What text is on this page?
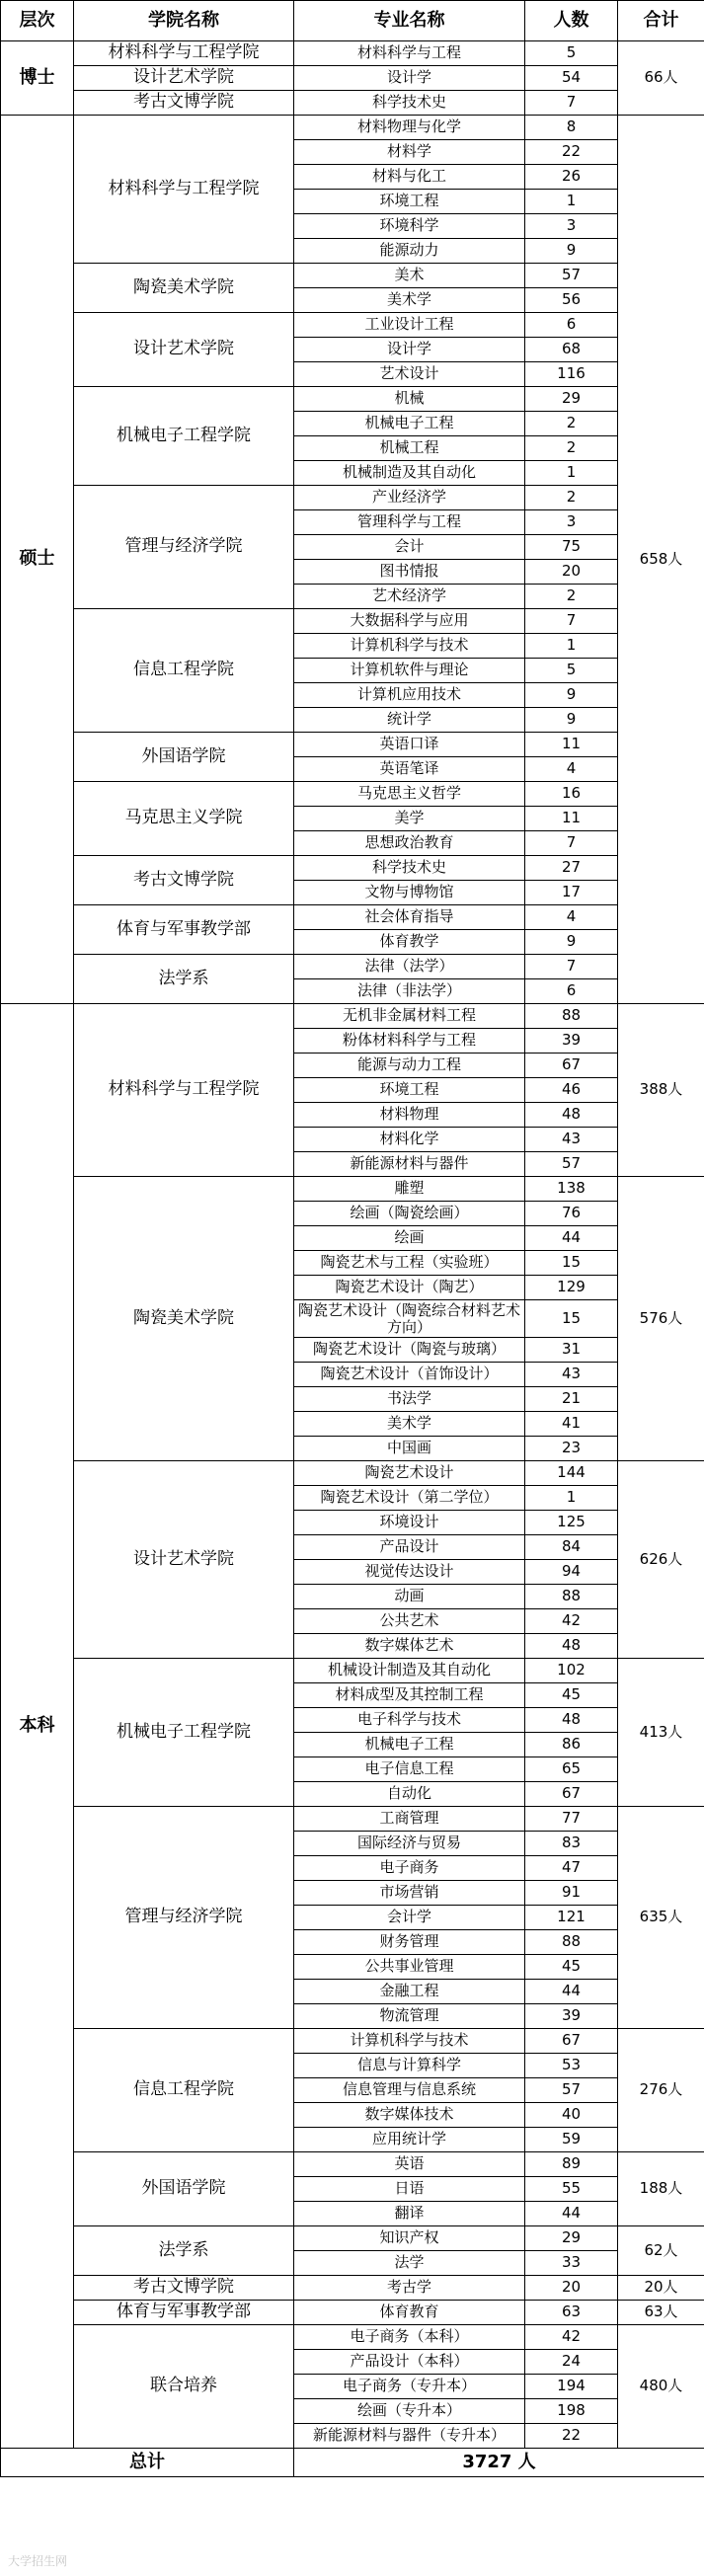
层次	学院名称	专业名称	人数	合计
博士	材料科学与工程学院	材料科学与工程	5	66人
	设计艺术学院	设计学	54	
	考古文博学院	科学技术史	7	
硕士	材料科学与工程学院	材料物理与化学	8	658人
		材料学	22	
		材料与化工	26	
		环境工程	1	
		环境科学	3	
		能源动力	9	
	陶瓷美术学院	美术	57	
		美术学	56	
	设计艺术学院	工业设计工程	6	
		设计学	68	
		艺术设计	116	
	机械电子工程学院	机械	29	
		机械电子工程	2	
		机械工程	2	
		机械制造及其自动化	1	
	管理与经济学院	产业经济学	2	
		管理科学与工程	3	
		会计	75	
		图书情报	20	
		艺术经济学	2	
	信息工程学院	大数据科学与应用	7	
		计算机科学与技术	1	
		计算机软件与理论	5	
		计算机应用技术	9	
		统计学	9	
	外国语学院	英语口译	11	
		英语笔译	4	
	马克思主义学院	马克思主义哲学	16	
		美学	11	
		思想政治教育	7	
	考古文博学院	科学技术史	27	
		文物与博物馆	17	
	体育与军事教学部	社会体育指导	4	
		体育教学	9	
	法学系	法律（法学）	7	
		法律（非法学）	6	
本科	材料科学与工程学院	无机非金属材料工程	88	388人
		粉体材料科学与工程	39	
		能源与动力工程	67	
		环境工程	46	
		材料物理	48	
		材料化学	43	
		新能源材料与器件	57	
	陶瓷美术学院	雕塑	138	576人
		绘画（陶瓷绘画）	76	
		绘画	44	
		陶瓷艺术与工程（实验班）	15	
		陶瓷艺术设计（陶艺）	129	
		陶瓷艺术设计（陶瓷综合材料艺术方向）	15	
		陶瓷艺术设计（陶瓷与玻璃）	31	
		陶瓷艺术设计（首饰设计）	43	
		书法学	21	
		美术学	41	
		中国画	23	
	设计艺术学院	陶瓷艺术设计	144	626人
		陶瓷艺术设计（第二学位）	1	
		环境设计	125	
		产品设计	84	
		视觉传达设计	94	
		动画	88	
		公共艺术	42	
		数字媒体艺术	48	
	机械电子工程学院	机械设计制造及其自动化	102	413人
		材料成型及其控制工程	45	
		电子科学与技术	48	
		机械电子工程	86	
		电子信息工程	65	
		自动化	67	
	管理与经济学院	工商管理	77	635人
		国际经济与贸易	83	
		电子商务	47	
		市场营销	91	
		会计学	121	
		财务管理	88	
		公共事业管理	45	
		金融工程	44	
		物流管理	39	
	信息工程学院	计算机科学与技术	67	276人
		信息与计算科学	53	
		信息管理与信息系统	57	
		数字媒体技术	40	
		应用统计学	59	
	外国语学院	英语	89	188人
		日语	55	
		翻译	44	
	法学系	知识产权	29	62人
		法学	33	
	考古文博学院	考古学	20	20人
	体育与军事教学部	体育教育	63	63人
	联合培养	电子商务（本科）	42	480人
		产品设计（本科）	24	
		电子商务（专升本）	194	
		绘画（专升本）	198	
		新能源材料与器件（专升本）	22	
总计		3727 人		
大学招生网
